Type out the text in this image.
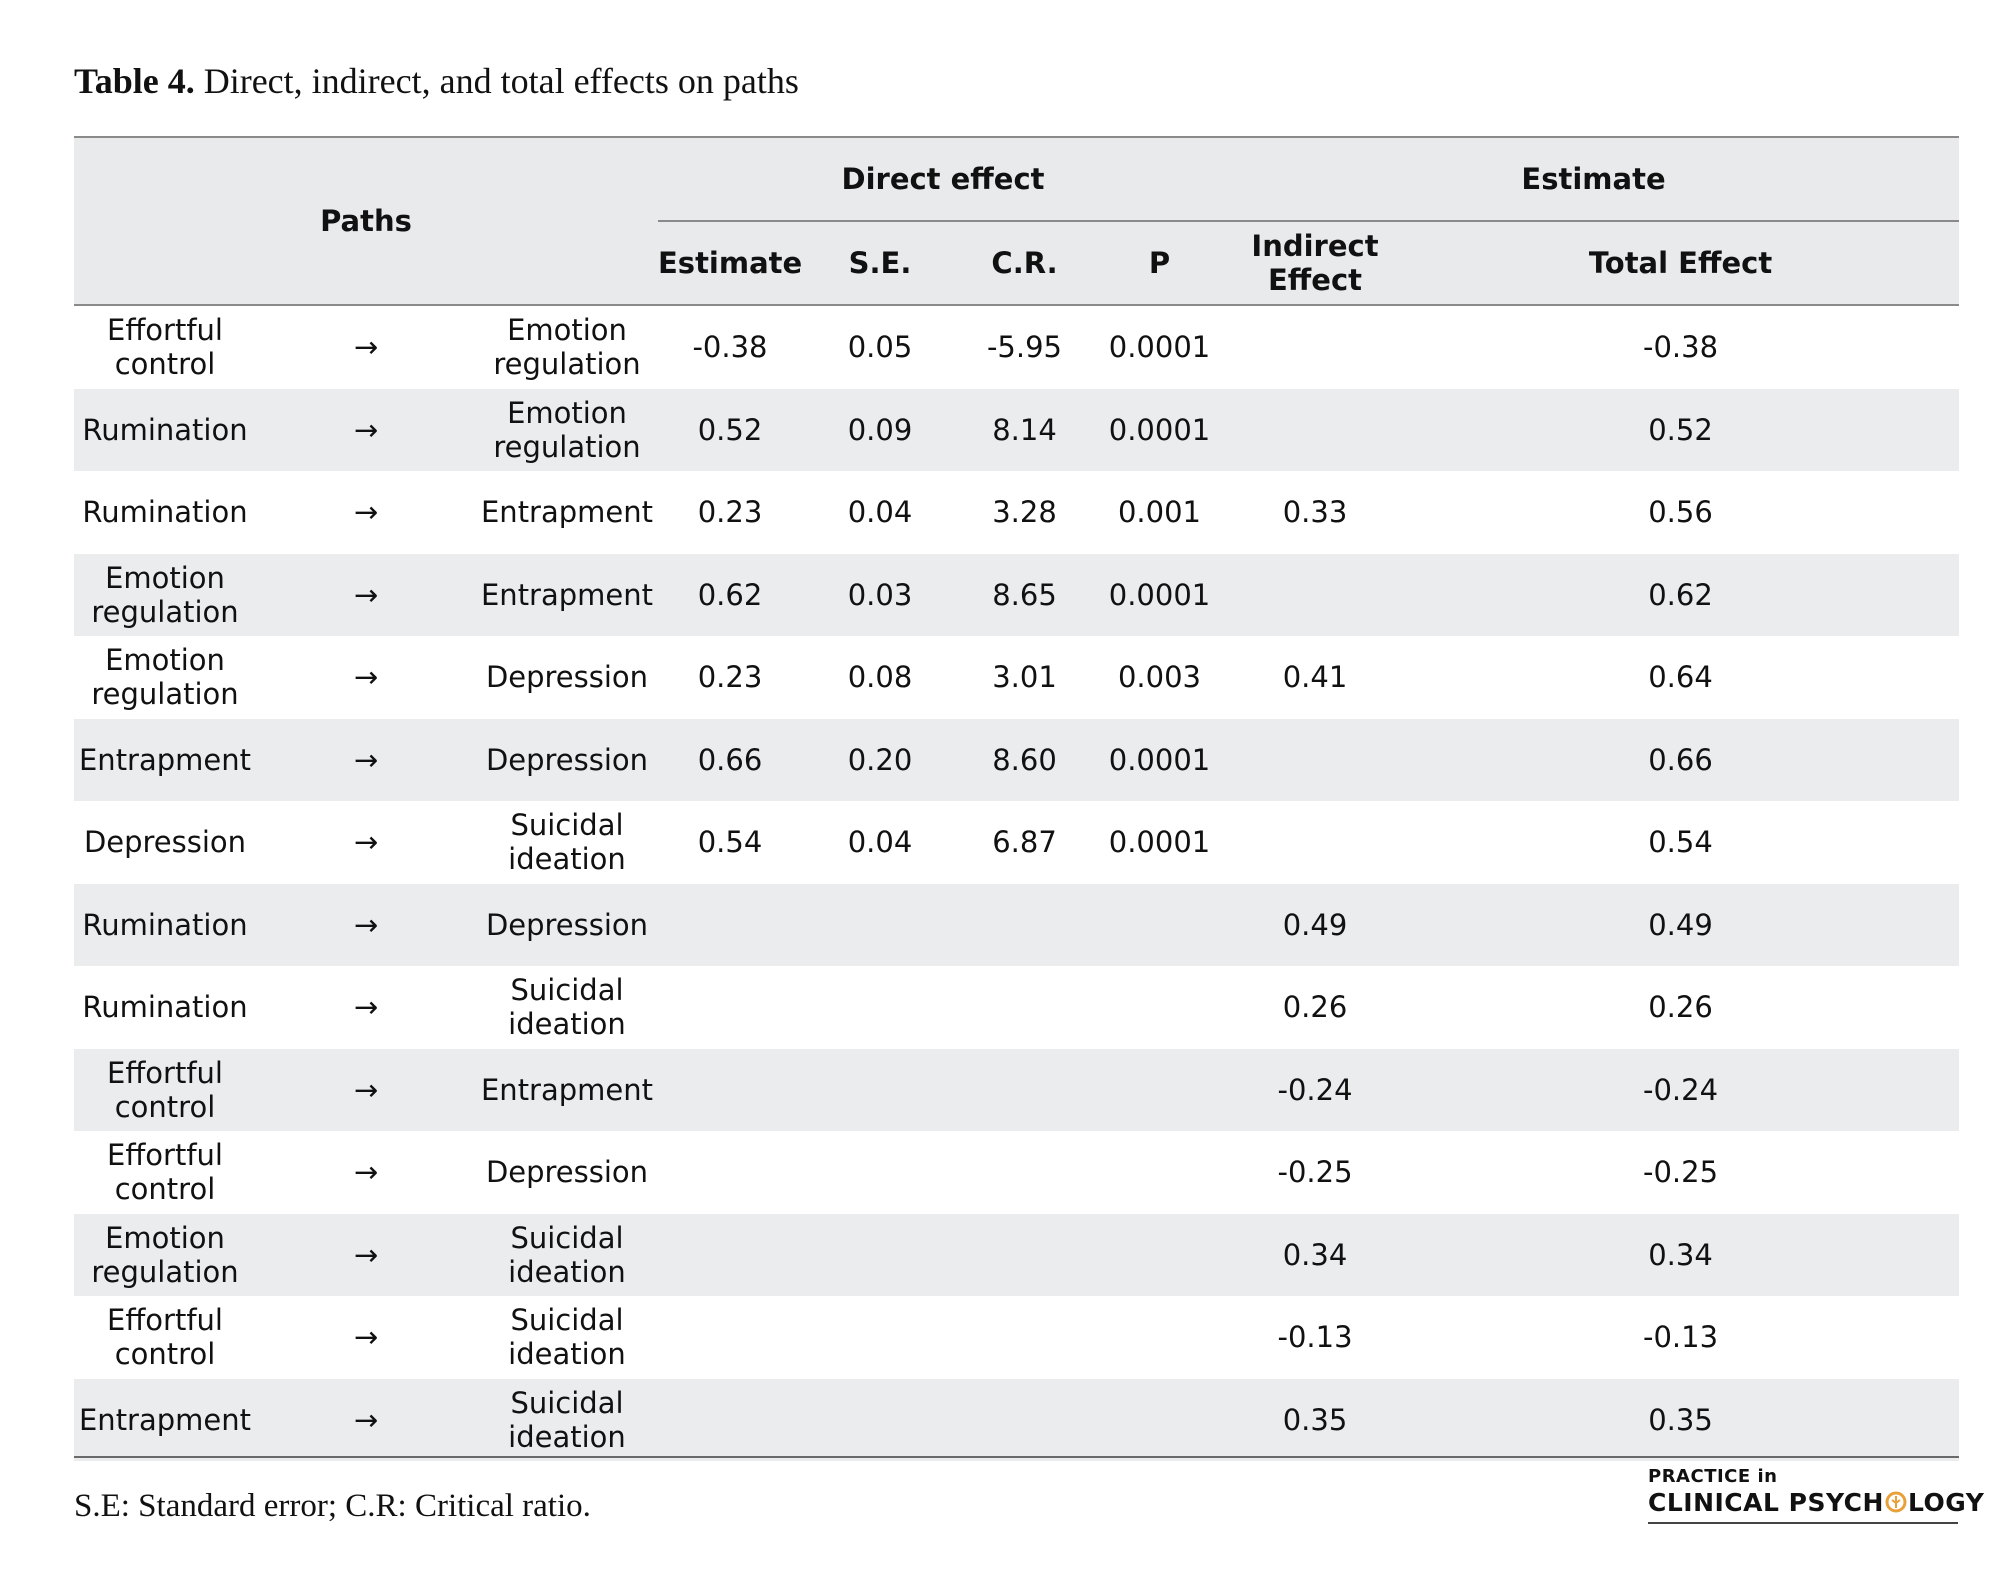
Table 4. Direct, indirect, and total effects on paths
Paths			Direct effect				Estimate	
			Estimate	S.E.	C.R.	P	Indirect Effect	Total Effect
Effortful control	→	Emotion regulation	-0.38	0.05	-5.95	0.0001		-0.38
Rumination	→	Emotion regulation	0.52	0.09	8.14	0.0001		0.52
Rumination	→	Entrapment	0.23	0.04	3.28	0.001	0.33	0.56
Emotion regulation	→	Entrapment	0.62	0.03	8.65	0.0001		0.62
Emotion regulation	→	Depression	0.23	0.08	3.01	0.003	0.41	0.64
Entrapment	→	Depression	0.66	0.20	8.60	0.0001		0.66
Depression	→	Suicidal ideation	0.54	0.04	6.87	0.0001		0.54
Rumination	→	Depression					0.49	0.49
Rumination	→	Suicidal ideation					0.26	0.26
Effortful control	→	Entrapment					-0.24	-0.24
Effortful control	→	Depression					-0.25	-0.25
Emotion regulation	→	Suicidal ideation					0.34	0.34
Effortful control	→	Suicidal ideation					-0.13	-0.13
Entrapment	→	Suicidal ideation					0.35	0.35
S.E: Standard error; C.R: Critical ratio.
PRACTICE in
CLINICAL PSYCH LOGY
